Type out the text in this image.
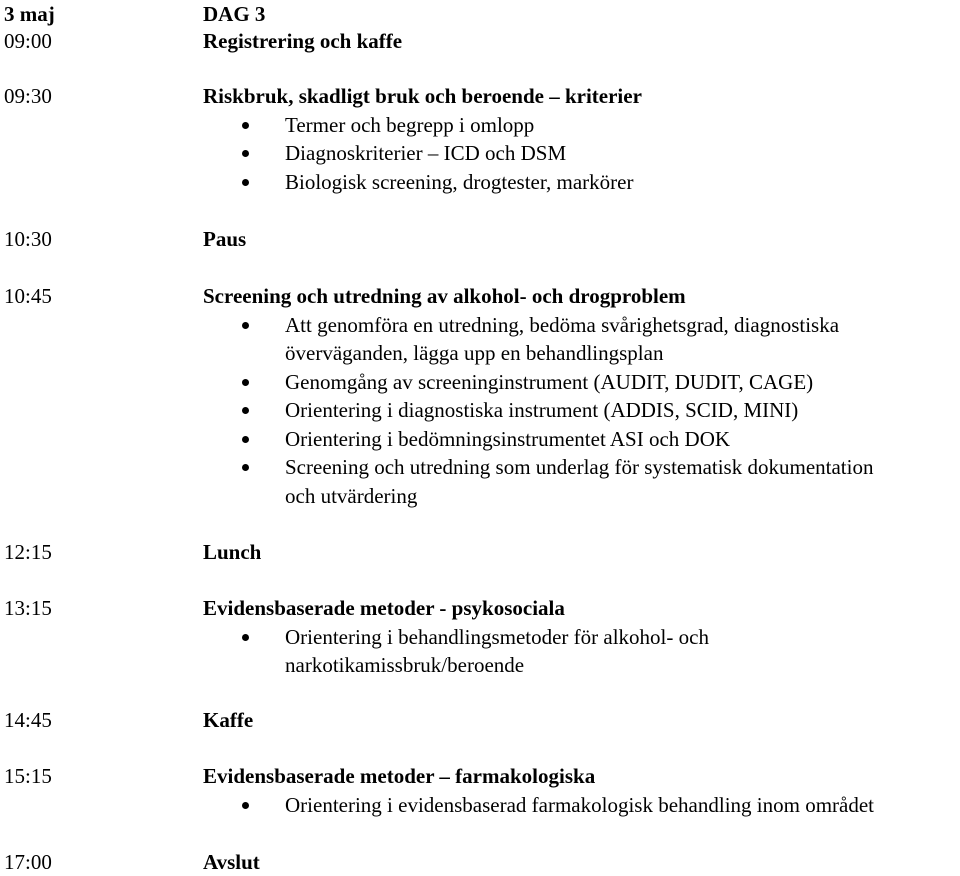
3 maj	DAG 3
09:00	Registrering och kaffe
09:30	Riskbruk, skadligt bruk och beroende – kriterier
Termer och begrepp i omlopp
Diagnoskriterier – ICD och DSM
Biologisk screening, drogtester, markörer
10:30	Paus
10:45	Screening och utredning av alkohol- och drogproblem
Att genomföra en utredning, bedöma svårighetsgrad, diagnostiska
överväganden, lägga upp en behandlingsplan
Genomgång av screeninginstrument (AUDIT, DUDIT, CAGE)
Orientering i diagnostiska instrument (ADDIS, SCID, MINI)
Orientering i bedömningsinstrumentet ASI och DOK
Screening och utredning som underlag för systematisk dokumentation
och utvärdering
12:15	Lunch
13:15	Evidensbaserade metoder - psykosociala
Orientering i behandlingsmetoder för alkohol- och
narkotikamissbruk/beroende
14:45	Kaffe
15:15	Evidensbaserade metoder – farmakologiska
Orientering i evidensbaserad farmakologisk behandling inom området
17:00	Avslut
